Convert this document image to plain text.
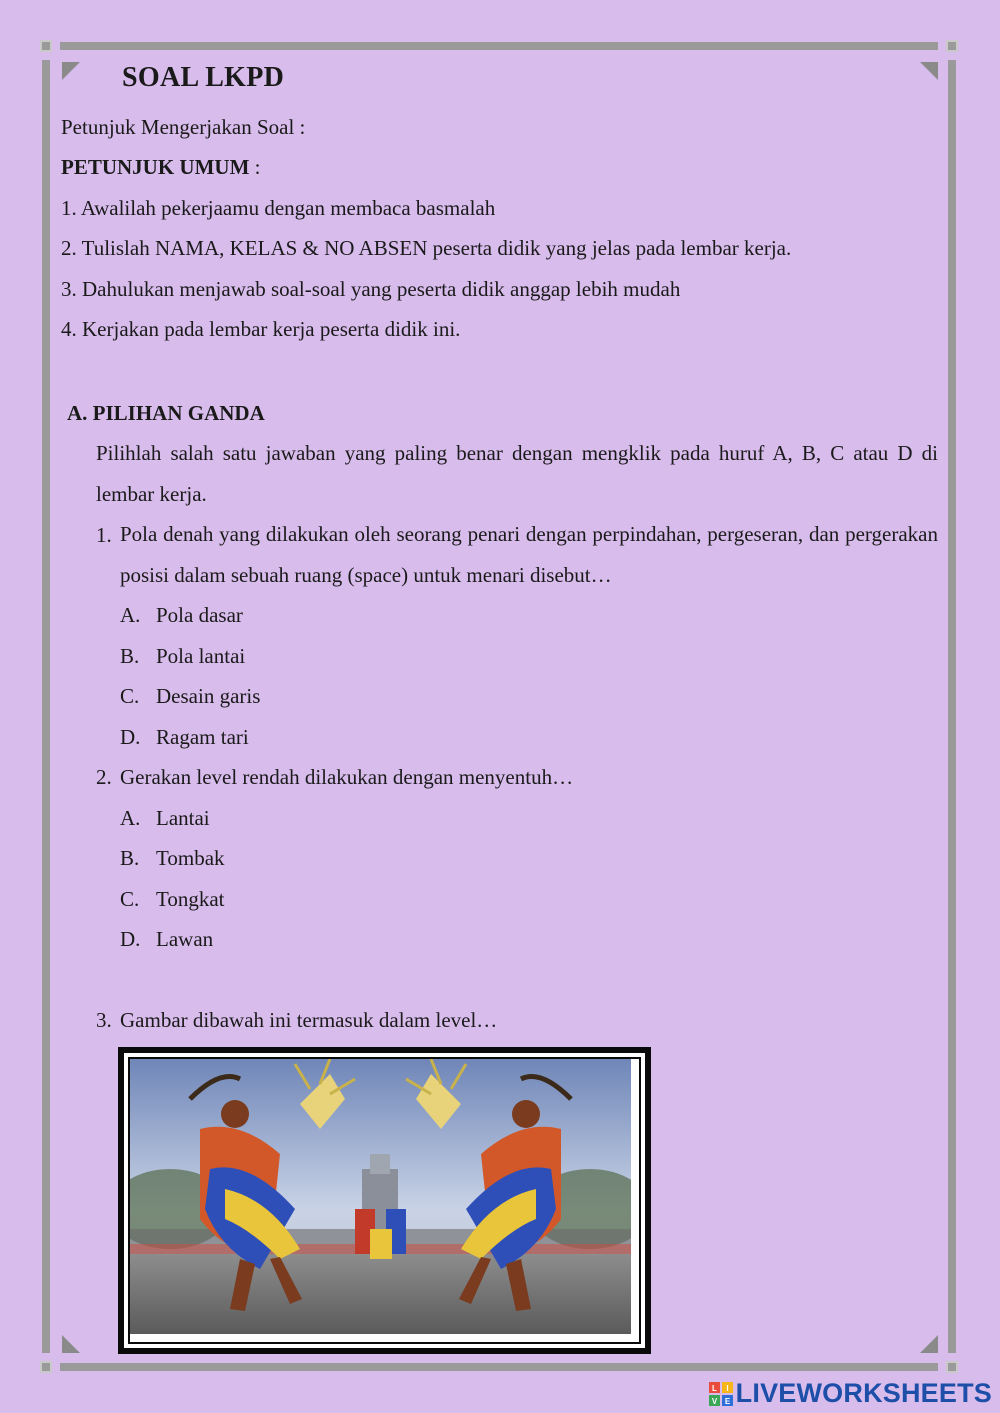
SOAL LKPD

Petunjuk Mengerjakan Soal :

PETUNJUK UMUM :

1. Awalilah pekerjaamu dengan membaca basmalah

2. Tulislah NAMA, KELAS & NO ABSEN peserta didik yang jelas pada lembar kerja.

3. Dahulukan menjawab soal-soal yang peserta didik anggap lebih mudah

4. Kerjakan pada lembar kerja peserta didik ini.

A. PILIHAN GANDA

Pilihlah salah satu jawaban yang paling benar dengan mengklik pada huruf A, B, C atau D di lembar kerja.

1. Pola denah yang dilakukan oleh seorang penari dengan perpindahan, pergeseran, dan pergerakan posisi dalam sebuah ruang (space) untuk menari disebut…

A. Pola dasar
B. Pola lantai
C. Desain garis
D. Ragam tari

2. Gerakan level rendah dilakukan dengan menyentuh…

A. Lantai
B. Tombak
C. Tongkat
D. Lawan

3. Gambar dibawah ini termasuk dalam level…

L I
V E LIVEWORKSHEETS
